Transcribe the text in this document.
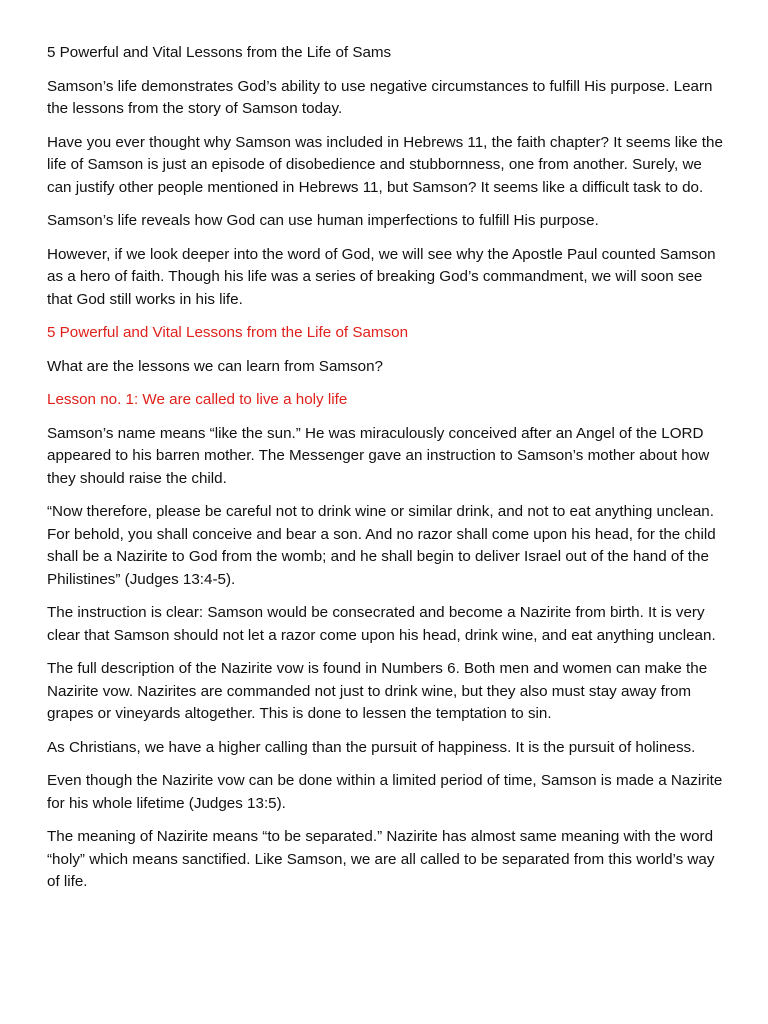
5 Powerful and Vital Lessons from the Life of Sams

Samson’s life demonstrates God’s ability to use negative circumstances to fulfill His purpose. Learn the lessons from the story of Samson today.

Have you ever thought why Samson was included in Hebrews 11, the faith chapter? It seems like the life of Samson is just an episode of disobedience and stubbornness, one from another. Surely, we can justify other people mentioned in Hebrews 11, but Samson? It seems like a difficult task to do.

Samson’s life reveals how God can use human imperfections to fulfill His purpose.

However, if we look deeper into the word of God, we will see why the Apostle Paul counted Samson as a hero of faith. Though his life was a series of breaking God’s commandment, we will soon see that God still works in his life.

5 Powerful and Vital Lessons from the Life of Samson

What are the lessons we can learn from Samson?

Lesson no. 1: We are called to live a holy life

Samson’s name means “like the sun.” He was miraculously conceived after an Angel of the LORD appeared to his barren mother. The Messenger gave an instruction to Samson’s mother about how they should raise the child.

“Now therefore, please be careful not to drink wine or similar drink, and not to eat anything unclean. For behold, you shall conceive and bear a son. And no razor shall come upon his head, for the child shall be a Nazirite to God from the womb; and he shall begin to deliver Israel out of the hand of the Philistines” (Judges 13:4-5).

The instruction is clear: Samson would be consecrated and become a Nazirite from birth. It is very clear that Samson should not let a razor come upon his head, drink wine, and eat anything unclean.

The full description of the Nazirite vow is found in Numbers 6. Both men and women can make the Nazirite vow. Nazirites are commanded not just to drink wine, but they also must stay away from grapes or vineyards altogether. This is done to lessen the temptation to sin.

As Christians, we have a higher calling than the pursuit of happiness. It is the pursuit of holiness.

Even though the Nazirite vow can be done within a limited period of time, Samson is made a Nazirite for his whole lifetime (Judges 13:5).

The meaning of Nazirite means “to be separated.” Nazirite has almost same meaning with the word “holy” which means sanctified. Like Samson, we are all called to be separated from this world’s way of life.
